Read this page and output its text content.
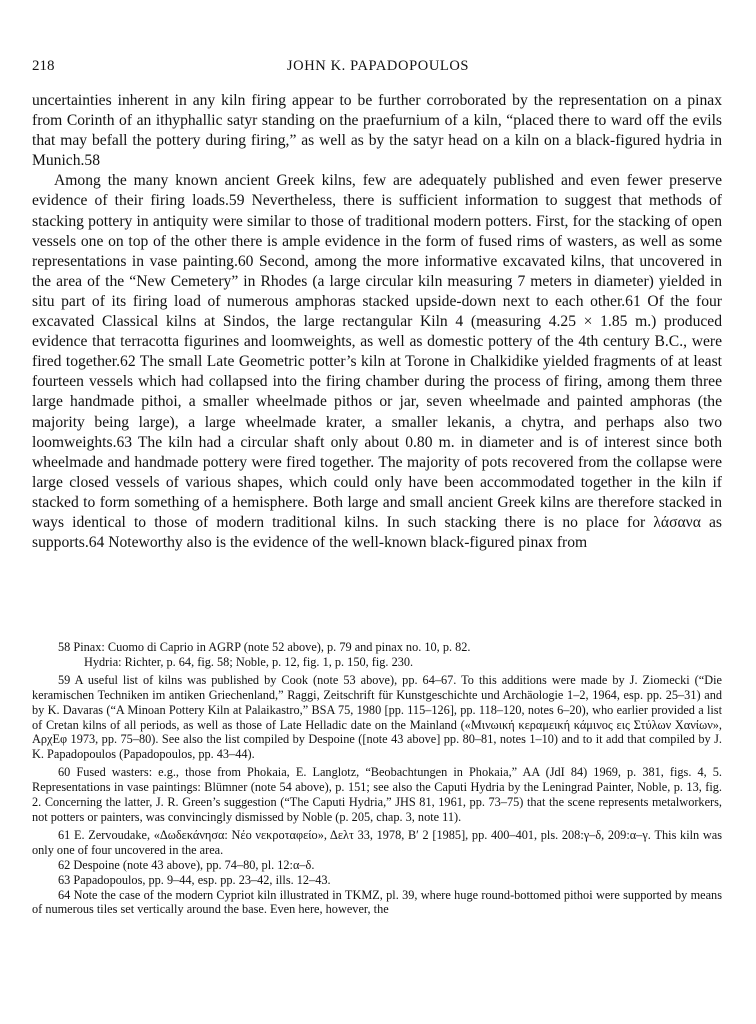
218	JOHN K. PAPADOPOULOS

uncertainties inherent in any kiln firing appear to be further corroborated by the representation on a pinax from Corinth of an ithyphallic satyr standing on the praefurnium of a kiln, “placed there to ward off the evils that may befall the pottery during firing,” as well as by the satyr head on a kiln on a black-figured hydria in Munich.58

Among the many known ancient Greek kilns, few are adequately published and even fewer preserve evidence of their firing loads.59 Nevertheless, there is sufficient information to suggest that methods of stacking pottery in antiquity were similar to those of traditional modern potters. First, for the stacking of open vessels one on top of the other there is ample evidence in the form of fused rims of wasters, as well as some representations in vase painting.60 Second, among the more informative excavated kilns, that uncovered in the area of the “New Cemetery” in Rhodes (a large circular kiln measuring 7 meters in diameter) yielded in situ part of its firing load of numerous amphoras stacked upside-down next to each other.61 Of the four excavated Classical kilns at Sindos, the large rectangular Kiln 4 (measuring 4.25 × 1.85 m.) produced evidence that terracotta figurines and loomweights, as well as domestic pottery of the 4th century B.C., were fired together.62 The small Late Geometric potter’s kiln at Torone in Chalkidike yielded fragments of at least fourteen vessels which had collapsed into the firing chamber during the process of firing, among them three large handmade pithoi, a smaller wheelmade pithos or jar, seven wheelmade and painted amphoras (the majority being large), a large wheelmade krater, a smaller lekanis, a chytra, and perhaps also two loomweights.63 The kiln had a circular shaft only about 0.80 m. in diameter and is of interest since both wheelmade and handmade pottery were fired together. The majority of pots recovered from the collapse were large closed vessels of various shapes, which could only have been accommodated together in the kiln if stacked to form something of a hemisphere. Both large and small ancient Greek kilns are therefore stacked in ways identical to those of modern traditional kilns. In such stacking there is no place for λάσανα as supports.64 Noteworthy also is the evidence of the well-known black-figured pinax from

58 Pinax: Cuomo di Caprio in AGRP (note 52 above), p. 79 and pinax no. 10, p. 82.

Hydria: Richter, p. 64, fig. 58; Noble, p. 12, fig. 1, p. 150, fig. 230.

59 A useful list of kilns was published by Cook (note 53 above), pp. 64–67. To this additions were made by J. Ziomecki (“Die keramischen Techniken im antiken Griechenland,” Raggi, Zeitschrift für Kunstgeschichte und Archäologie 1–2, 1964, esp. pp. 25–31) and by K. Davaras (“A Minoan Pottery Kiln at Palaikastro,” BSA 75, 1980 [pp. 115–126], pp. 118–120, notes 6–20), who earlier provided a list of Cretan kilns of all periods, as well as those of Late Helladic date on the Mainland («Μινωική κεραμεική κάμινος εις Στύλων Χανίων», ΑρχΕφ 1973, pp. 75–80). See also the list compiled by Despoine ([note 43 above] pp. 80–81, notes 1–10) and to it add that compiled by J. K. Papadopoulos (Papadopoulos, pp. 43–44).

60 Fused wasters: e.g., those from Phokaia, E. Langlotz, “Beobachtungen in Phokaia,” AA (JdI 84) 1969, p. 381, figs. 4, 5. Representations in vase paintings: Blümner (note 54 above), p. 151; see also the Caputi Hydria by the Leningrad Painter, Noble, p. 13, fig. 2. Concerning the latter, J. R. Green’s suggestion (“The Caputi Hydria,” JHS 81, 1961, pp. 73–75) that the scene represents metalworkers, not potters or painters, was convincingly dismissed by Noble (p. 205, chap. 3, note 11).

61 E. Zervoudake, «Δωδεκάνησα: Νέο νεκροταφείο», Δελτ 33, 1978, Β′ 2 [1985], pp. 400–401, pls. 208:γ–δ, 209:α–γ. This kiln was only one of four uncovered in the area.

62 Despoine (note 43 above), pp. 74–80, pl. 12:α–δ.

63 Papadopoulos, pp. 9–44, esp. pp. 23–42, ills. 12–43.

64 Note the case of the modern Cypriot kiln illustrated in TKMZ, pl. 39, where huge round-bottomed pithoi were supported by means of numerous tiles set vertically around the base. Even here, however, the
